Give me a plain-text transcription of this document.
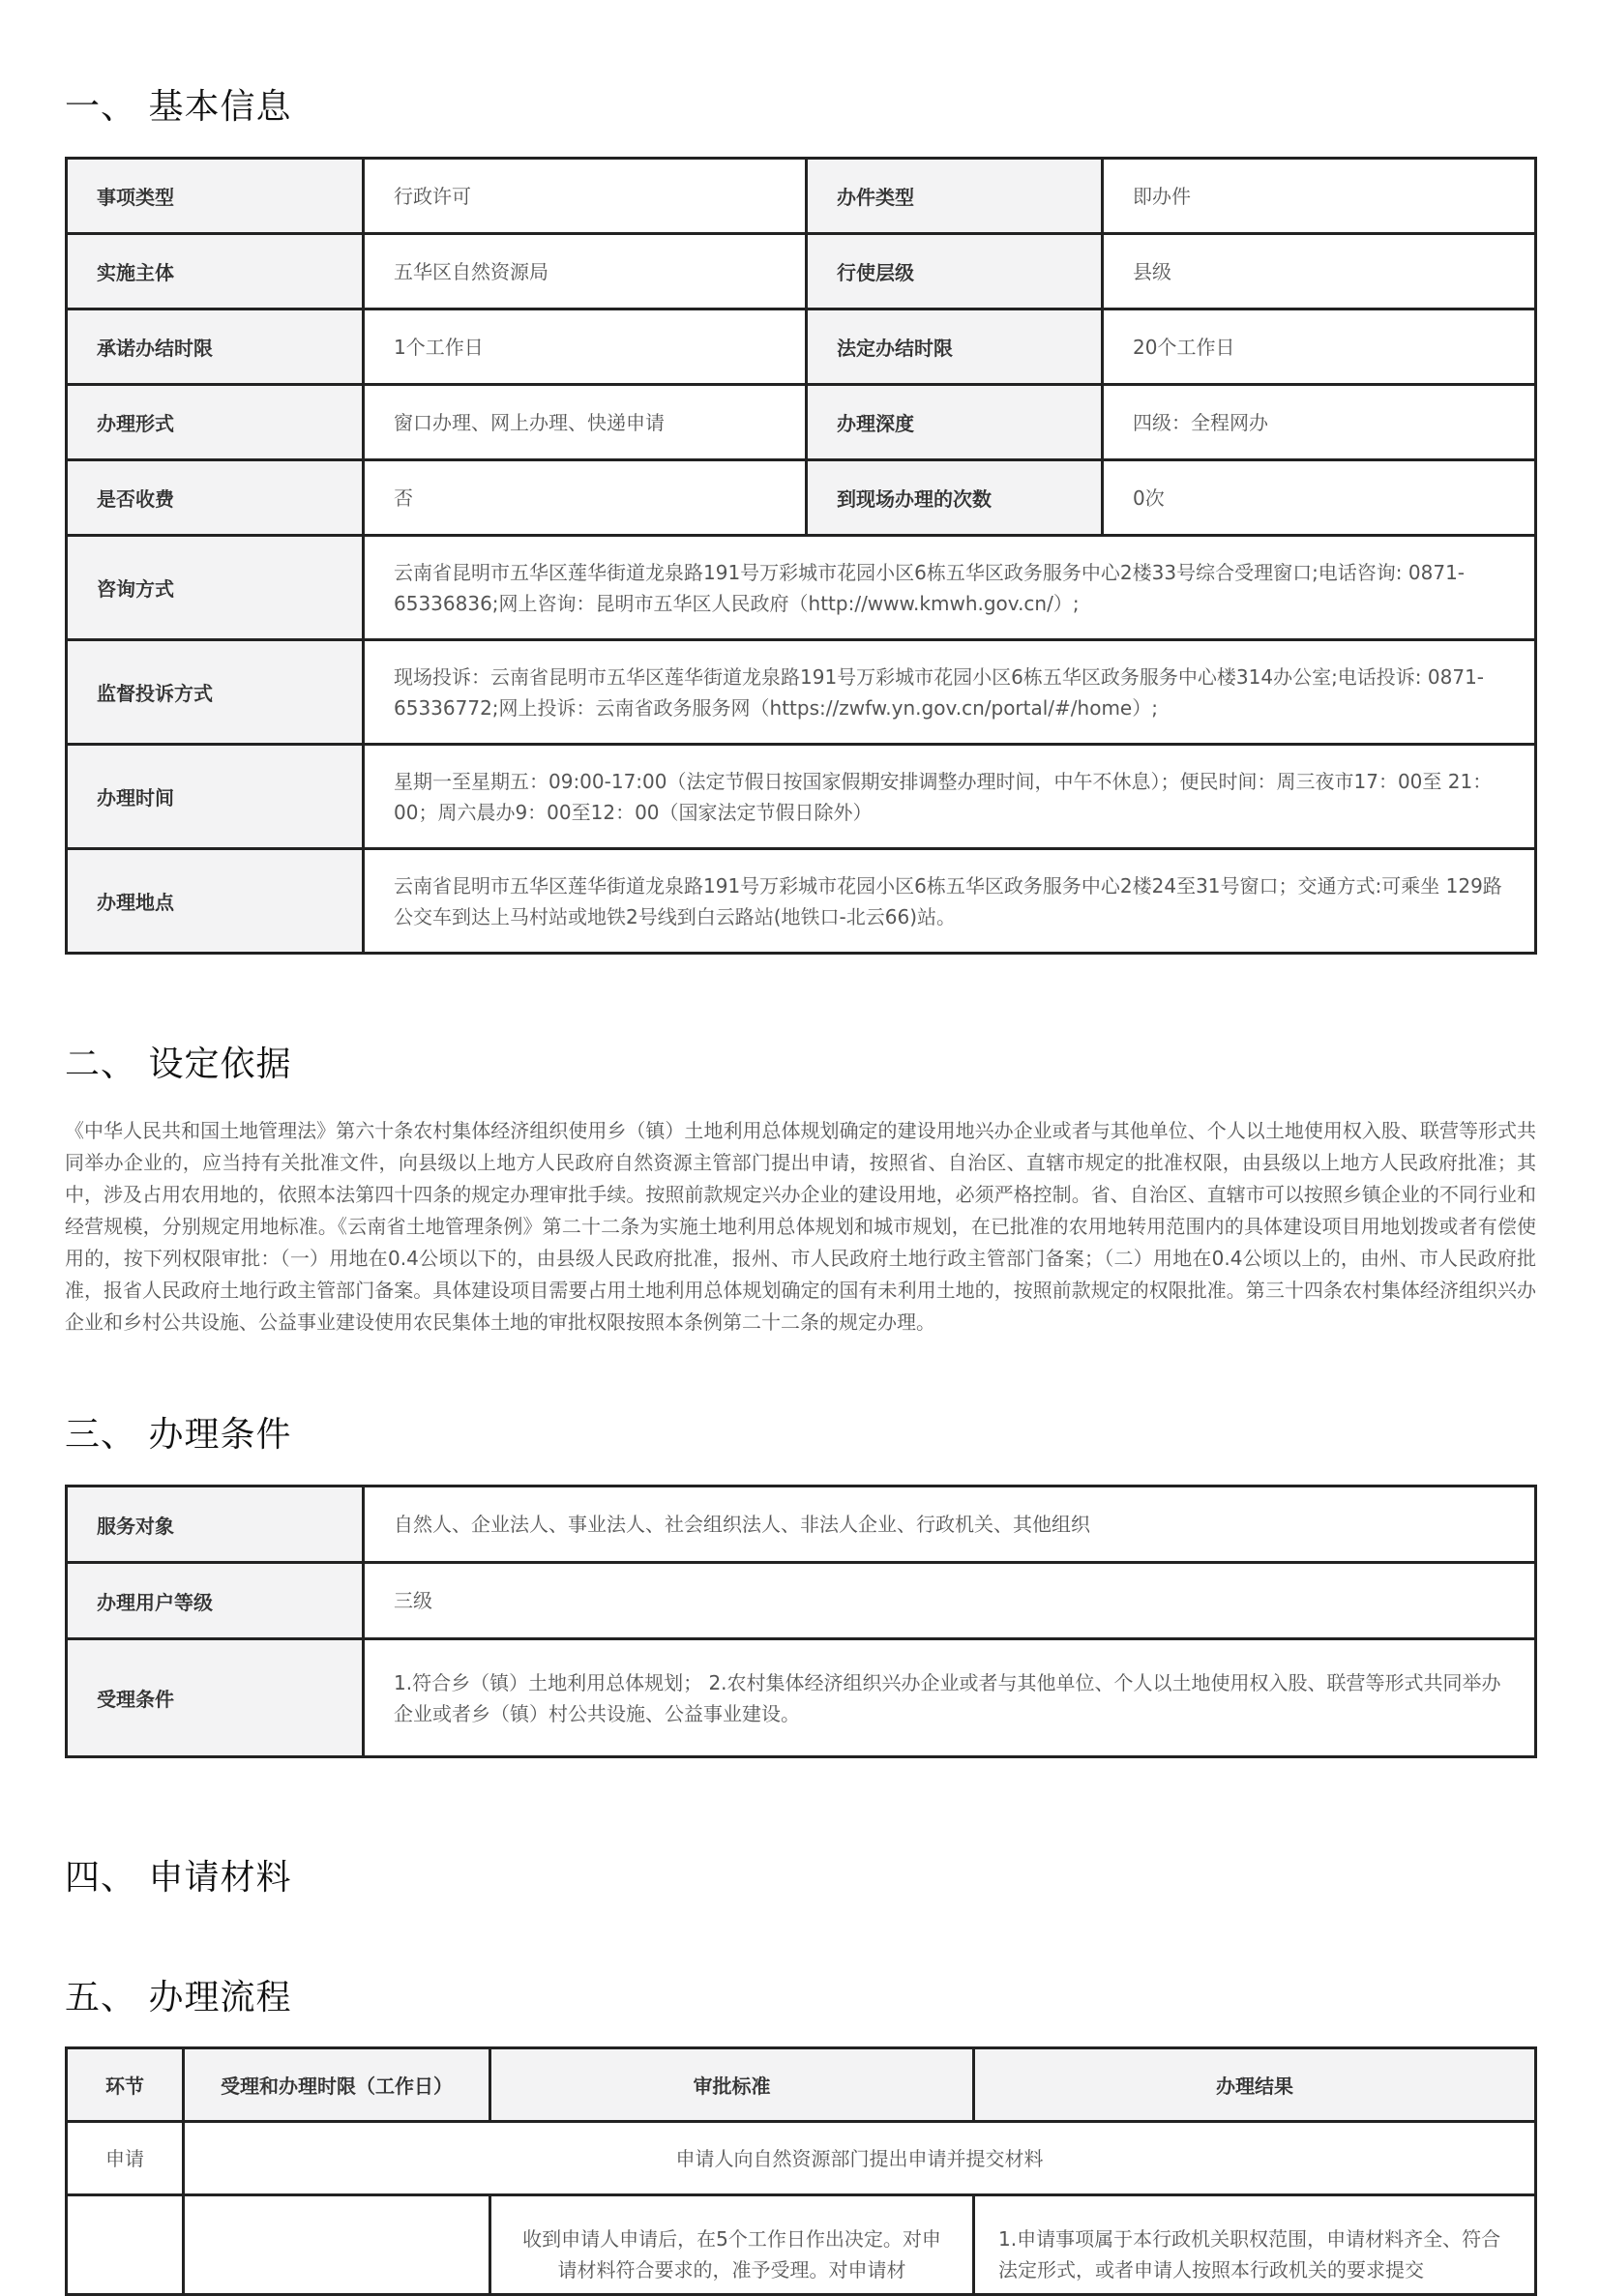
一、 基本信息
事项类型	行政许可	办件类型	即办件
实施主体	五华区自然资源局	行使层级	县级
承诺办结时限	1个工作日	法定办结时限	20个工作日
办理形式	窗口办理、网上办理、快递申请	办理深度	四级：全程网办
是否收费	否	到现场办理的次数	0次
咨询方式	云南省昆明市五华区莲华街道龙泉路191号万彩城市花园小区6栋五华区政务服务中心2楼33号综合受理窗口;电话咨询: 0871-65336836;网上咨询：昆明市五华区人民政府（http://www.kmwh.gov.cn/）;		
监督投诉方式	现场投诉：云南省昆明市五华区莲华街道龙泉路191号万彩城市花园小区6栋五华区政务服务中心楼314办公室;电话投诉: 0871-65336772;网上投诉：云南省政务服务网（https://zwfw.yn.gov.cn/portal/#/home）;		
办理时间	星期一至星期五：09:00-17:00（法定节假日按国家假期安排调整办理时间，中午不休息）；便民时间：周三夜市17：00至 21：00；周六晨办9：00至12：00（国家法定节假日除外）		
办理地点	云南省昆明市五华区莲华街道龙泉路191号万彩城市花园小区6栋五华区政务服务中心2楼24至31号窗口；交通方式:可乘坐 129路公交车到达上马村站或地铁2号线到白云路站(地铁口-北云66)站。		
二、 设定依据

《中华人民共和国土地管理法》第六十条农村集体经济组织使用乡（镇）土地利用总体规划确定的建设用地兴办企业或者与其他单位、个人以土地使用权入股、联营等形式共同举办企业的，应当持有关批准文件，向县级以上地方人民政府自然资源主管部门提出申请，按照省、自治区、直辖市规定的批准权限，由县级以上地方人民政府批准；其中，涉及占用农用地的，依照本法第四十四条的规定办理审批手续。按照前款规定兴办企业的建设用地，必须严格控制。省、自治区、直辖市可以按照乡镇企业的不同行业和经营规模，分别规定用地标准。《云南省土地管理条例》第二十二条为实施土地利用总体规划和城市规划，在已批准的农用地转用范围内的具体建设项目用地划拨或者有偿使用的，按下列权限审批：（一）用地在0.4公顷以下的，由县级人民政府批准，报州、市人民政府土地行政主管部门备案；（二）用地在0.4公顷以上的，由州、市人民政府批准，报省人民政府土地行政主管部门备案。具体建设项目需要占用土地利用总体规划确定的国有未利用土地的，按照前款规定的权限批准。第三十四条农村集体经济组织兴办企业和乡村公共设施、公益事业建设使用农民集体土地的审批权限按照本条例第二十二条的规定办理。

三、 办理条件
服务对象	自然人、企业法人、事业法人、社会组织法人、非法人企业、行政机关、其他组织
办理用户等级	三级
受理条件	1.符合乡（镇）土地利用总体规划； 2.农村集体经济组织兴办企业或者与其他单位、个人以土地使用权入股、联营等形式共同举办企业或者乡（镇）村公共设施、公益事业建设。
四、 申请材料
五、 办理流程
环节	受理和办理时限（工作日）	审批标准	办理结果
申请	申请人向自然资源部门提出申请并提交材料		
		收到申请人申请后，在5个工作日作出决定。对申请材料符合要求的，准予受理。对申请材	1.申请事项属于本行政机关职权范围，申请材料齐全、符合法定形式，或者申请人按照本行政机关的要求提交
